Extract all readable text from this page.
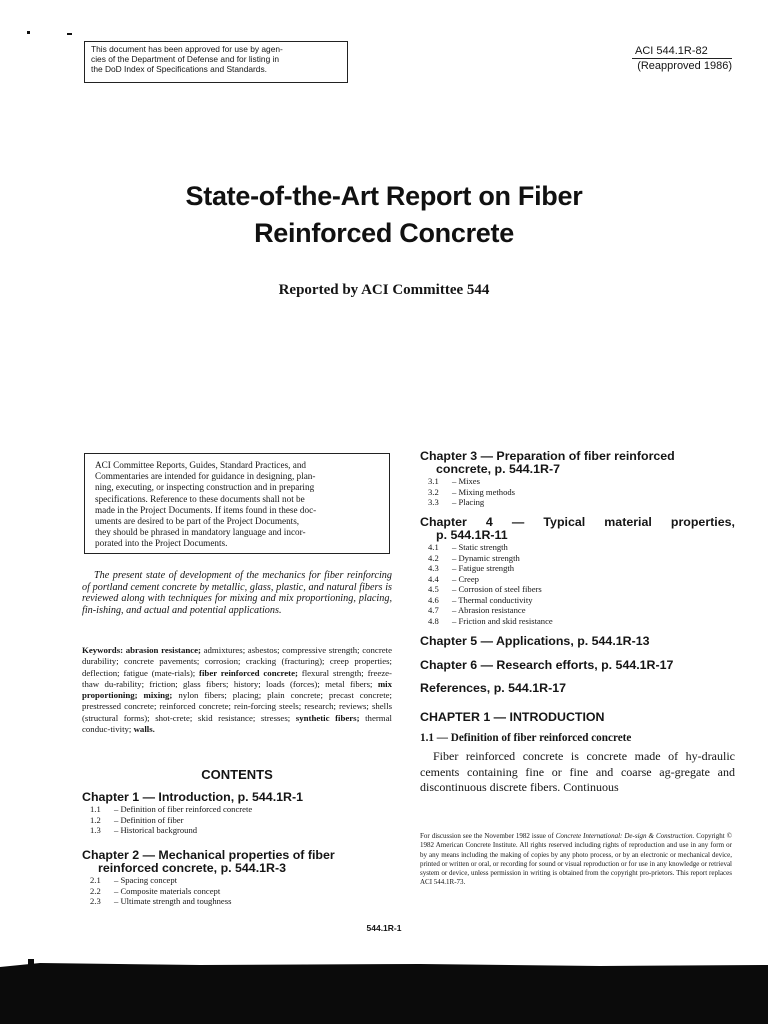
This document has been approved for use by agen-
cies of the Department of Defense and for listing in
the DoD Index of Specifications and Standards.
ACI 544.1R-82
(Reapproved 1986)
State-of-the-Art Report on Fiber
Reinforced Concrete
Reported by ACI Committee 544
ACI Committee Reports, Guides, Standard Practices, and
Commentaries are intended for guidance in designing, plan-
ning, executing, or inspecting construction and in preparing
specifications. Reference to these documents shall not be
made in the Project Documents. If items found in these doc-
uments are desired to be part of the Project Documents,
they should be phrased in mandatory language and incor-
porated into the Project Documents.

The present state of development of the mechanics for fiber reinforcing of portland cement concrete by metallic, glass, plastic, and natural fibers is reviewed along with techniques for mixing and mix proportioning, placing, fin-ishing, and actual and potential applications.

Keywords: abrasion resistance; admixtures; asbestos; compressive strength; concrete durability; concrete pavements; corrosion; cracking (fracturing); creep properties; deflection; fatigue (mate-rials); fiber reinforced concrete; flexural strength; freeze-thaw du-rability; friction; glass fibers; history; loads (forces); metal fibers; mix proportioning; mixing; nylon fibers; placing; plain concrete; precast concrete; prestressed concrete; reinforced concrete; rein-forcing steels; research; reviews; shells (structural forms); shot-crete; skid resistance; stresses; synthetic fibers; thermal conduc-tivity; walls.

CONTENTS
Chapter 1 — Introduction, p. 544.1R-1
1.1 – Definition of fiber reinforced concrete
1.2 – Definition of fiber
1.3 – Historical background
Chapter 2 — Mechanical properties of fiber
reinforced concrete, p. 544.1R-3
2.1 – Spacing concept
2.2 – Composite materials concept
2.3 – Ultimate strength and toughness
Chapter 3 — Preparation of fiber reinforced
concrete, p. 544.1R-7
3.1 – Mixes
3.2 – Mixing methods
3.3 – Placing
Chapter 4 — Typical material properties,
p. 544.1R-11
4.1 – Static strength
4.2 – Dynamic strength
4.3 – Fatigue strength
4.4 – Creep
4.5 – Corrosion of steel fibers
4.6 – Thermal conductivity
4.7 – Abrasion resistance
4.8 – Friction and skid resistance
Chapter 5 — Applications, p. 544.1R-13
Chapter 6 — Research efforts, p. 544.1R-17
References, p. 544.1R-17
CHAPTER 1 — INTRODUCTION
1.1 — Definition of fiber reinforced concrete

Fiber reinforced concrete is concrete made of hy-draulic cements containing fine or fine and coarse ag-gregate and discontinuous discrete fibers. Continuous

For discussion see the November 1982 issue of Concrete International: De-sign & Construction. Copyright © 1982 American Concrete Institute. All rights reserved including rights of reproduction and use in any form or by any means including the making of copies by any photo process, or by an electronic or mechanical device, printed or written or oral, or recording for sound or visual reproduction or for use in any knowledge or retrieval system or device, unless permission in writing is obtained from the copyright pro-prietors. This report replaces ACI 544.1R-73.

544.1R-1
